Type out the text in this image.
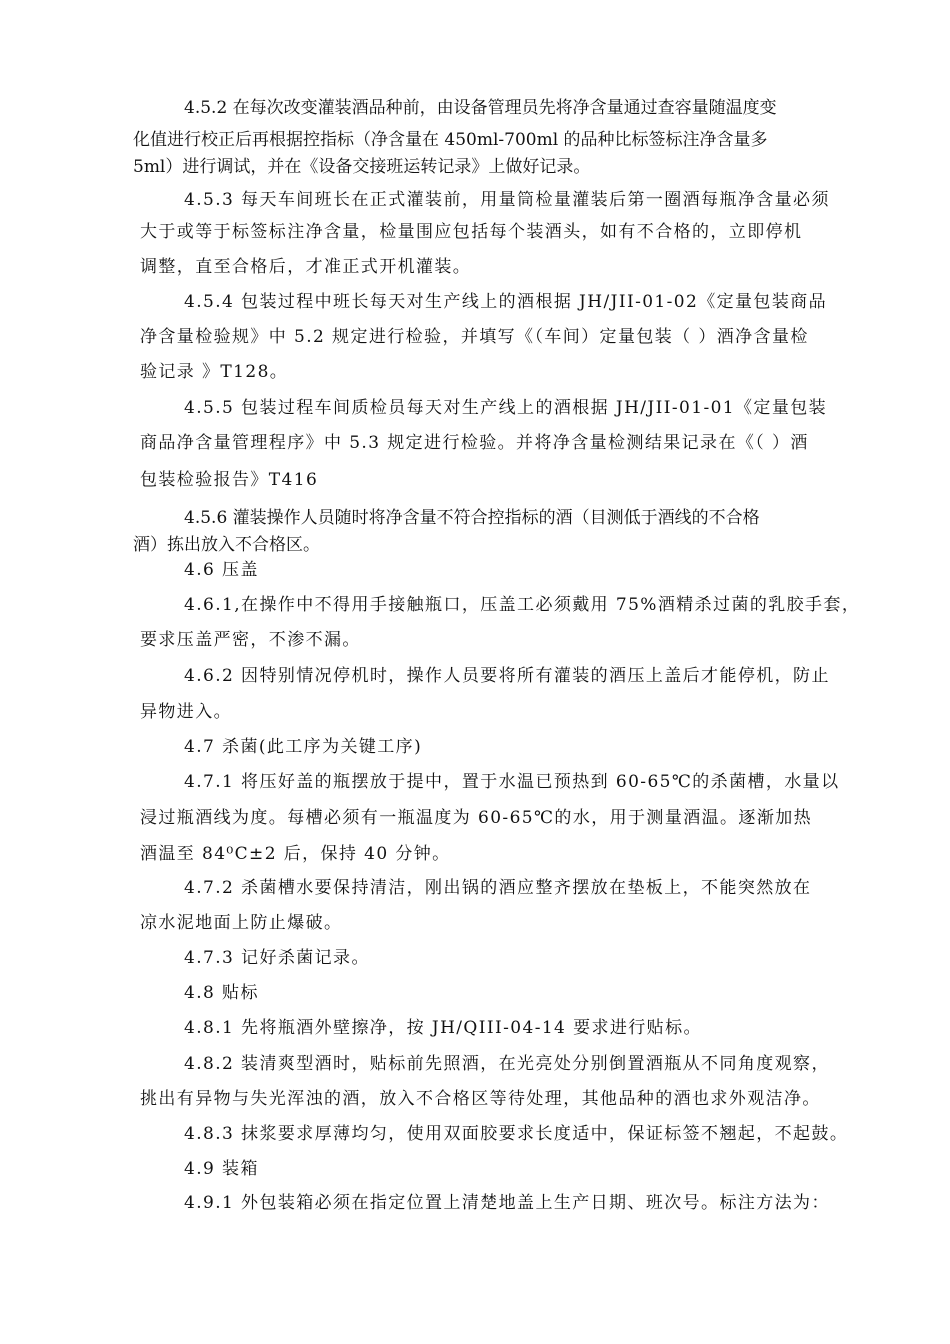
4.5.2 在每次改变灌装酒品种前，由设备管理员先将净含量通过查容量随温度变
化值进行校正后再根据控指标（净含量在 450ml-700ml 的品种比标签标注净含量多
5ml）进行调试，并在《设备交接班运转记录》上做好记录。
4.5.3 每天车间班长在正式灌装前，用量筒检量灌装后第一圈酒每瓶净含量必须
大于或等于标签标注净含量，检量围应包括每个装酒头，如有不合格的，立即停机
调整，直至合格后，才准正式开机灌装。
4.5.4 包装过程中班长每天对生产线上的酒根据 JH/JII-01-02《定量包装商品
净含量检验规》中 5.2 规定进行检验，并填写《（车间）定量包装（ ）酒净含量检
验记录 》T128。
4.5.5 包装过程车间质检员每天对生产线上的酒根据 JH/JII-01-01《定量包装
商品净含量管理程序》中 5.3 规定进行检验。并将净含量检测结果记录在《（ ）酒
包装检验报告》T416
4.5.6 灌装操作人员随时将净含量不符合控指标的酒（目测低于酒线的不合格
酒）拣出放入不合格区。
4.6 压盖
4.6.1,在操作中不得用手接触瓶口，压盖工必须戴用 75%酒精杀过菌的乳胶手套，
要求压盖严密，不渗不漏。
4.6.2 因特别情况停机时，操作人员要将所有灌装的酒压上盖后才能停机，防止
异物进入。
4.7 杀菌(此工序为关键工序)
4.7.1 将压好盖的瓶摆放于提中，置于水温已预热到 60-65℃的杀菌槽，水量以
浸过瓶酒线为度。每槽必须有一瓶温度为 60-65℃的水，用于测量酒温。逐渐加热
酒温至 84⁰C±2 后，保持 40 分钟。
4.7.2 杀菌槽水要保持清洁，刚出锅的酒应整齐摆放在垫板上，不能突然放在
凉水泥地面上防止爆破。
4.7.3 记好杀菌记录。
4.8 贴标
4.8.1 先将瓶酒外壁擦净，按 JH/QIII-04-14 要求进行贴标。
4.8.2 装清爽型酒时，贴标前先照酒，在光亮处分别倒置酒瓶从不同角度观察，
挑出有异物与失光浑浊的酒，放入不合格区等待处理，其他品种的酒也求外观洁净。
4.8.3 抹浆要求厚薄均匀，使用双面胶要求长度适中，保证标签不翘起，不起鼓。
4.9 装箱
4.9.1 外包装箱必须在指定位置上清楚地盖上生产日期、班次号。标注方法为：
